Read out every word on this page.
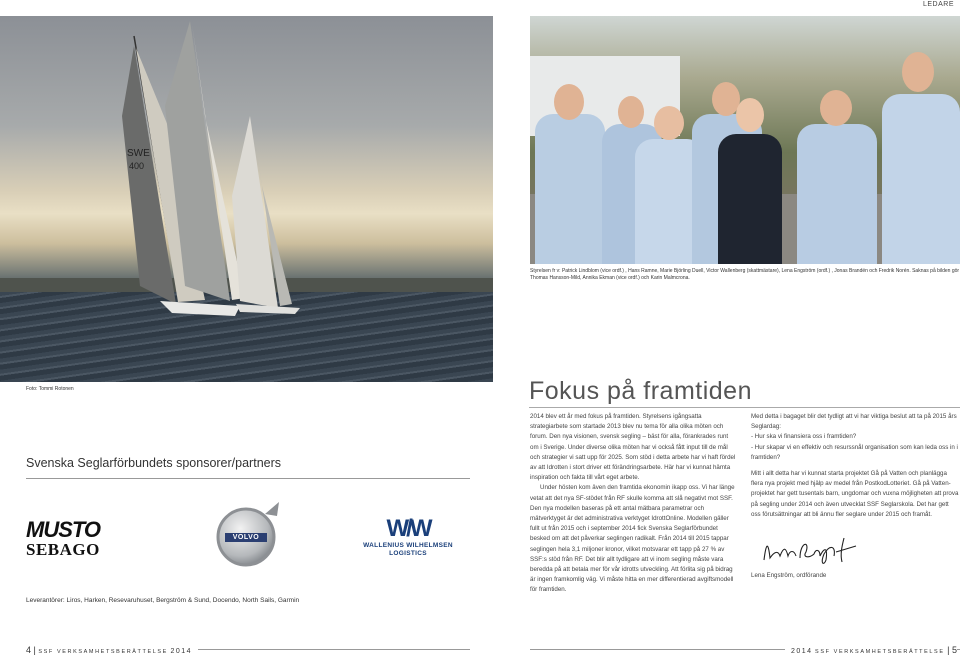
LEDARE
SWE
400
Foto: Tommi Rotonen
Styrelsen fr v: Patrick Lindblom (vice ordf.) , Hans Ramne, Marie Björling Duell, Victor Wallenberg (skattmästare), Lena Engström (ordf.) , Jonas Brandén och Fredrik Norén. Saknas på bilden gör Thomas Hansson-Mild, Annika Ekman (vice ordf.) och Karin Malmcrona.
Fokus på framtiden
Svenska Seglarförbundets sponsorer/partners
MUSTO
SEBAGO
VOLVO	W/W
WALLENIUS WILHELMSEN
LOGISTICS
Leverantörer: Liros, Harken, Resevaruhuset, Bergström & Sund, Docendo, North Sails, Garmin

2014 blev ett år med fokus på framtiden. Styrelsens igångsatta strategiarbete som startade 2013 blev nu tema för alla olika möten och forum. Den nya visionen, svensk segling – bäst för alla, förankrades runt om i Sverige. Under diverse olika möten har vi också fått input till de mål och strategier vi satt upp för 2025. Som stöd i detta arbete har vi haft fördel av att Idrotten i stort driver ett förändringsarbete. Här har vi kunnat hämta inspiration och fakta till vårt eget arbete.

Under hösten kom även den framtida ekonomin ikapp oss. Vi har länge vetat att det nya SF-stödet från RF skulle komma att slå negativt mot SSF. Den nya modellen baseras på ett antal mätbara parametrar och mätverktyget är det administrativa verktyget IdrottOnline. Modellen gäller fullt ut från 2015 och i september 2014 fick Svenska Seglarförbundet besked om att det påverkar seglingen radikalt. Från 2014 till 2015 tappar seglingen hela 3,1 miljoner kronor, vilket motsvarar ett tapp på 27 % av SSF:s stöd från RF. Det blir allt tydligare att vi inom segling måste vara beredda på att betala mer för vår idrotts utveckling. Att förlita sig på bidrag är ingen framkomlig väg. Vi måste hitta en mer differentierad avgiftsmodell för framtiden.

Med detta i bagaget blir det tydligt att vi har viktiga beslut att ta på 2015 års Seglardag:

- Hur ska vi finansiera oss i framtiden?

- Hur skapar vi en effektiv och resurssnål organisation som kan leda oss in i framtiden?

Mitt i allt detta har vi kunnat starta projektet Gå på Vatten och planläggа flera nya projekt med hjälp av medel från PostkodLotteriet. Gå på Vatten-projektet har gett tusentals barn, ungdomar och vuxna möjligheten att prova på segling under 2014 och även utvecklat SSF Seglarskola. Det har gett oss förutsättningar att bli ännu fler seglare under 2015 och framåt.

Lena Engström, ordförande
4 | SSF VERKSAMHETSBERÄTTELSE 2014	2014 SSF VERKSAMHETSBERÄTTELSE | 5
